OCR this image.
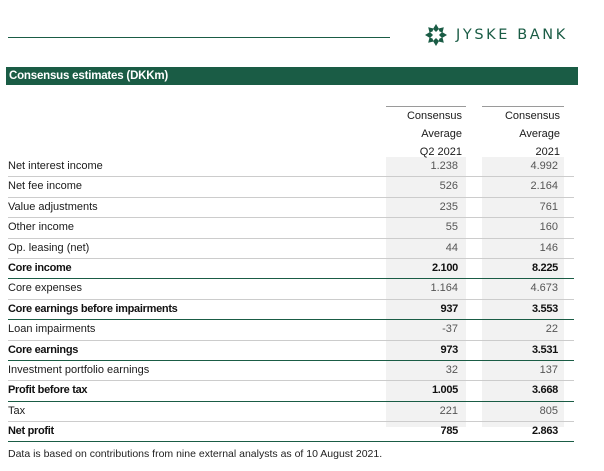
JYSKE BANK
Consensus estimates (DKKm)
Consensus
Average
Q2 2021
Consensus
Average
2021
Net interest income	1.238	4.992
Net fee income	526	2.164
Value adjustments	235	761
Other income	55	160
Op. leasing (net)	44	146
Core income	2.100	8.225
Core expenses	1.164	4.673
Core earnings before impairments	937	3.553
Loan impairments	-37	22
Core earnings	973	3.531
Investment portfolio earnings	32	137
Profit before tax	1.005	3.668
Tax	221	805
Net profit	785	2.863
Data is based on contributions from nine external analysts as of 10 August 2021.
